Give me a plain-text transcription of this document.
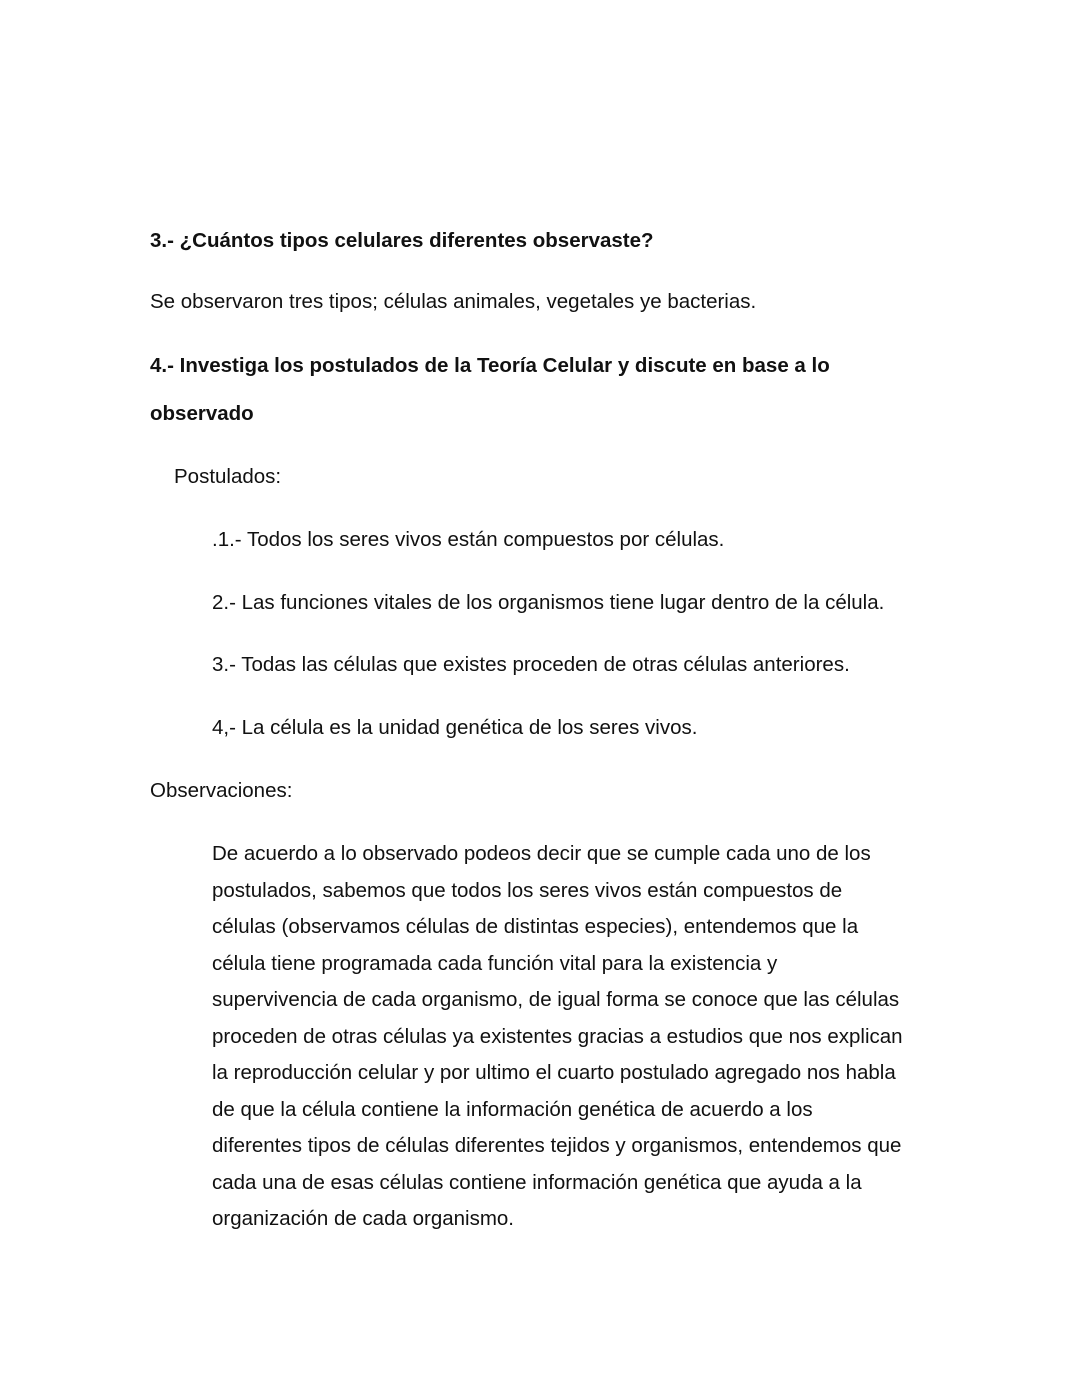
3.- ¿Cuántos tipos celulares diferentes observaste?
Se observaron tres tipos; células animales, vegetales ye bacterias.
4.- Investiga los postulados de la Teoría Celular y discute en base a lo
observado
Postulados:
.1.- Todos los seres vivos están compuestos por células.
2.- Las funciones vitales de los organismos tiene lugar dentro de la célula.
3.- Todas las células que existes proceden de otras células anteriores.
4,- La célula es la unidad genética de los seres vivos.
Observaciones:
De acuerdo a lo observado podeos decir que se cumple cada uno de los
postulados, sabemos que todos los seres vivos están compuestos de
células (observamos células de distintas especies), entendemos que la
célula tiene programada cada función vital para la existencia y
supervivencia de cada organismo, de igual forma se conoce que las células
proceden de otras células ya existentes gracias a estudios que nos explican
la reproducción celular y por ultimo el cuarto postulado agregado nos habla
de que la célula contiene la información genética de acuerdo a los
diferentes tipos de células diferentes tejidos y organismos, entendemos que
cada una de esas células contiene información genética que ayuda a la
organización de cada organismo.
